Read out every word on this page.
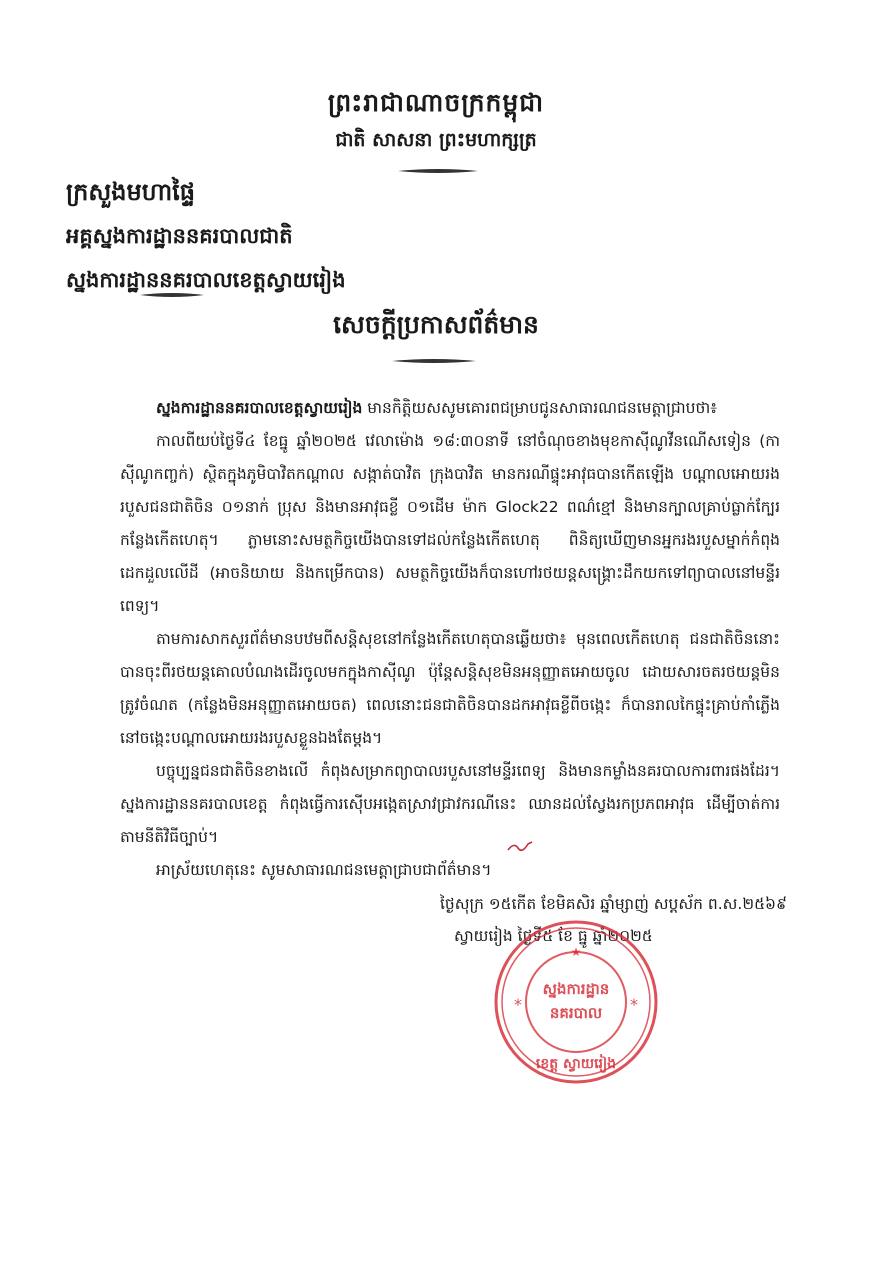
ព្រះរាជាណាចក្រកម្ពុជា
ជាតិ សាសនា ព្រះមហាក្សត្រ
ក្រសួងមហាផ្ទៃ
អគ្គស្នងការដ្ឋាននគរបាលជាតិ
ស្នងការដ្ឋាននគរបាលខេត្តស្វាយរៀង
សេចក្តីប្រកាសព័ត៌មាន

ស្នងការដ្ឋាននគរបាលខេត្តស្វាយរៀង មានកិត្តិយសសូមគោរពជម្រាបជូនសាធារណជនមេត្តាជ្រាបថា៖

កាលពីយប់ថ្ងៃទី៤ ខែធ្នូ ឆ្នាំ២០២៥ វេលាម៉ោង ១៨:៣០នាទី នៅចំណុចខាងមុខកាស៊ីណូវីនណើសទៀន (កាស៊ីណូកញ្ចក់) ស្ថិតក្នុងភូមិបាវិតកណ្តាល សង្កាត់បាវិត ក្រុងបាវិត មានករណីផ្ទុះអាវុធបានកើតឡើង បណ្តាលអោយរងរបួសជនជាតិចិន ០១នាក់ ប្រុស និងមានអាវុធខ្លី ០១ដើម ម៉ាក Glock22 ពណ៌ខ្មៅ និងមានក្បាលគ្រាប់ធ្លាក់ក្បែរកន្លែងកើតហេតុ។ ភ្លាមនោះសមត្ថកិច្ចយើងបានទៅដល់កន្លែងកើតហេតុ ពិនិត្យឃើញមានអ្នករងរបួសម្នាក់កំពុងដេកដួលលើដី (អាចនិយាយ និងកម្រើកបាន) សមត្ថកិច្ចយើងក៏បានហៅរថយន្តសង្គ្រោះដឹកយកទៅព្យាបាលនៅមន្ទីរពេទ្យ។

តាមការសាកសួរព័ត៌មានបឋមពីសន្តិសុខនៅកន្លែងកើតហេតុបានឆ្លើយថា៖ មុនពេលកើតហេតុ ជនជាតិចិននោះ បានចុះពីរថយន្តគោលបំណងដើរចូលមកក្នុងកាស៊ីណូ ប៉ុន្តែសន្តិសុខមិនអនុញ្ញាតអោយចូល ដោយសារចតរថយន្តមិនត្រូវចំណត (កន្លែងមិនអនុញ្ញាតអោយចត) ពេលនោះជនជាតិចិនបានដកអាវុធខ្លីពីចង្កេះ ក៏បានរាលកៃផ្ទុះគ្រាប់កាំភ្លើងនៅចង្កេះបណ្តាលអោយរងរបួសខ្លួនឯងតែម្តង។

បច្ចុប្បន្នជនជាតិចិនខាងលើ កំពុងសម្រាកព្យាបាលរបួសនៅមន្ទីរពេទ្យ និងមានកម្លាំងនគរបាលការពារផងដែរ។ ស្នងការដ្ឋាននគរបាលខេត្ត កំពុងធ្វើការស៊ើបអង្កេតស្រាវជ្រាវករណីនេះ ឈានដល់ស្វែងរកប្រភពអាវុធ ដើម្បីចាត់ការតាមនីតិវិធីច្បាប់។

អាស្រ័យហេតុនេះ សូមសាធារណជនមេត្តាជ្រាបជាព័ត៌មាន។

ថ្ងៃសុក្រ ១៥កើត ខែមិគសិរ ឆ្នាំម្សាញ់ សប្តស័ក ព.ស.២៥៦៩
ស្វាយរៀង ថ្ងៃទី៥ ខែ ធ្នូ ឆ្នាំ២០២៥
*	*
★
ស្នងការដ្ឋាន
នគរបាល
ខេត្ត ស្វាយរៀង
